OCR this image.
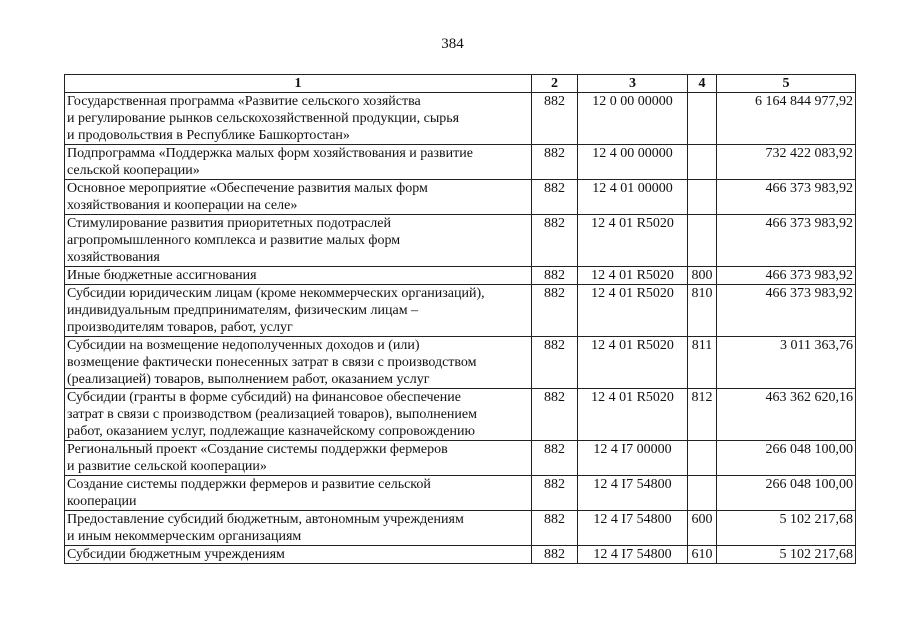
384
1	2	3	4	5

Государственная программа «Развитие сельского хозяйства
и регулирование рынков сельскохозяйственной продукции, сырья
и продовольствия в Республике Башкортостан»	882	12 0 00 00000		6 164 844 977,92

Подпрограмма «Поддержка малых форм хозяйствования и развитие
сельской кооперации»	882	12 4 00 00000		732 422 083,92

Основное мероприятие «Обеспечение развития малых форм
хозяйствования и кооперации на селе»	882	12 4 01 00000		466 373 983,92

Стимулирование развития приоритетных подотраслей
агропромышленного комплекса и развитие малых форм
хозяйствования	882	12 4 01 R5020		466 373 983,92

Иные бюджетные ассигнования	882	12 4 01 R5020	800	466 373 983,92

Субсидии юридическим лицам (кроме некоммерческих организаций),
индивидуальным предпринимателям, физическим лицам –
производителям товаров, работ, услуг	882	12 4 01 R5020	810	466 373 983,92

Субсидии на возмещение недополученных доходов и (или)
возмещение фактически понесенных затрат в связи с производством
(реализацией) товаров, выполнением работ, оказанием услуг	882	12 4 01 R5020	811	3 011 363,76

Субсидии (гранты в форме субсидий) на финансовое обеспечение
затрат в связи с производством (реализацией товаров), выполнением
работ, оказанием услуг, подлежащие казначейскому сопровождению	882	12 4 01 R5020	812	463 362 620,16

Региональный проект «Создание системы поддержки фермеров
и развитие сельской кооперации»	882	12 4 I7 00000		266 048 100,00

Создание системы поддержки фермеров и развитие сельской
кооперации	882	12 4 I7 54800		266 048 100,00

Предоставление субсидий бюджетным, автономным учреждениям
и иным некоммерческим организациям	882	12 4 I7 54800	600	5 102 217,68

Субсидии бюджетным учреждениям	882	12 4 I7 54800	610	5 102 217,68
